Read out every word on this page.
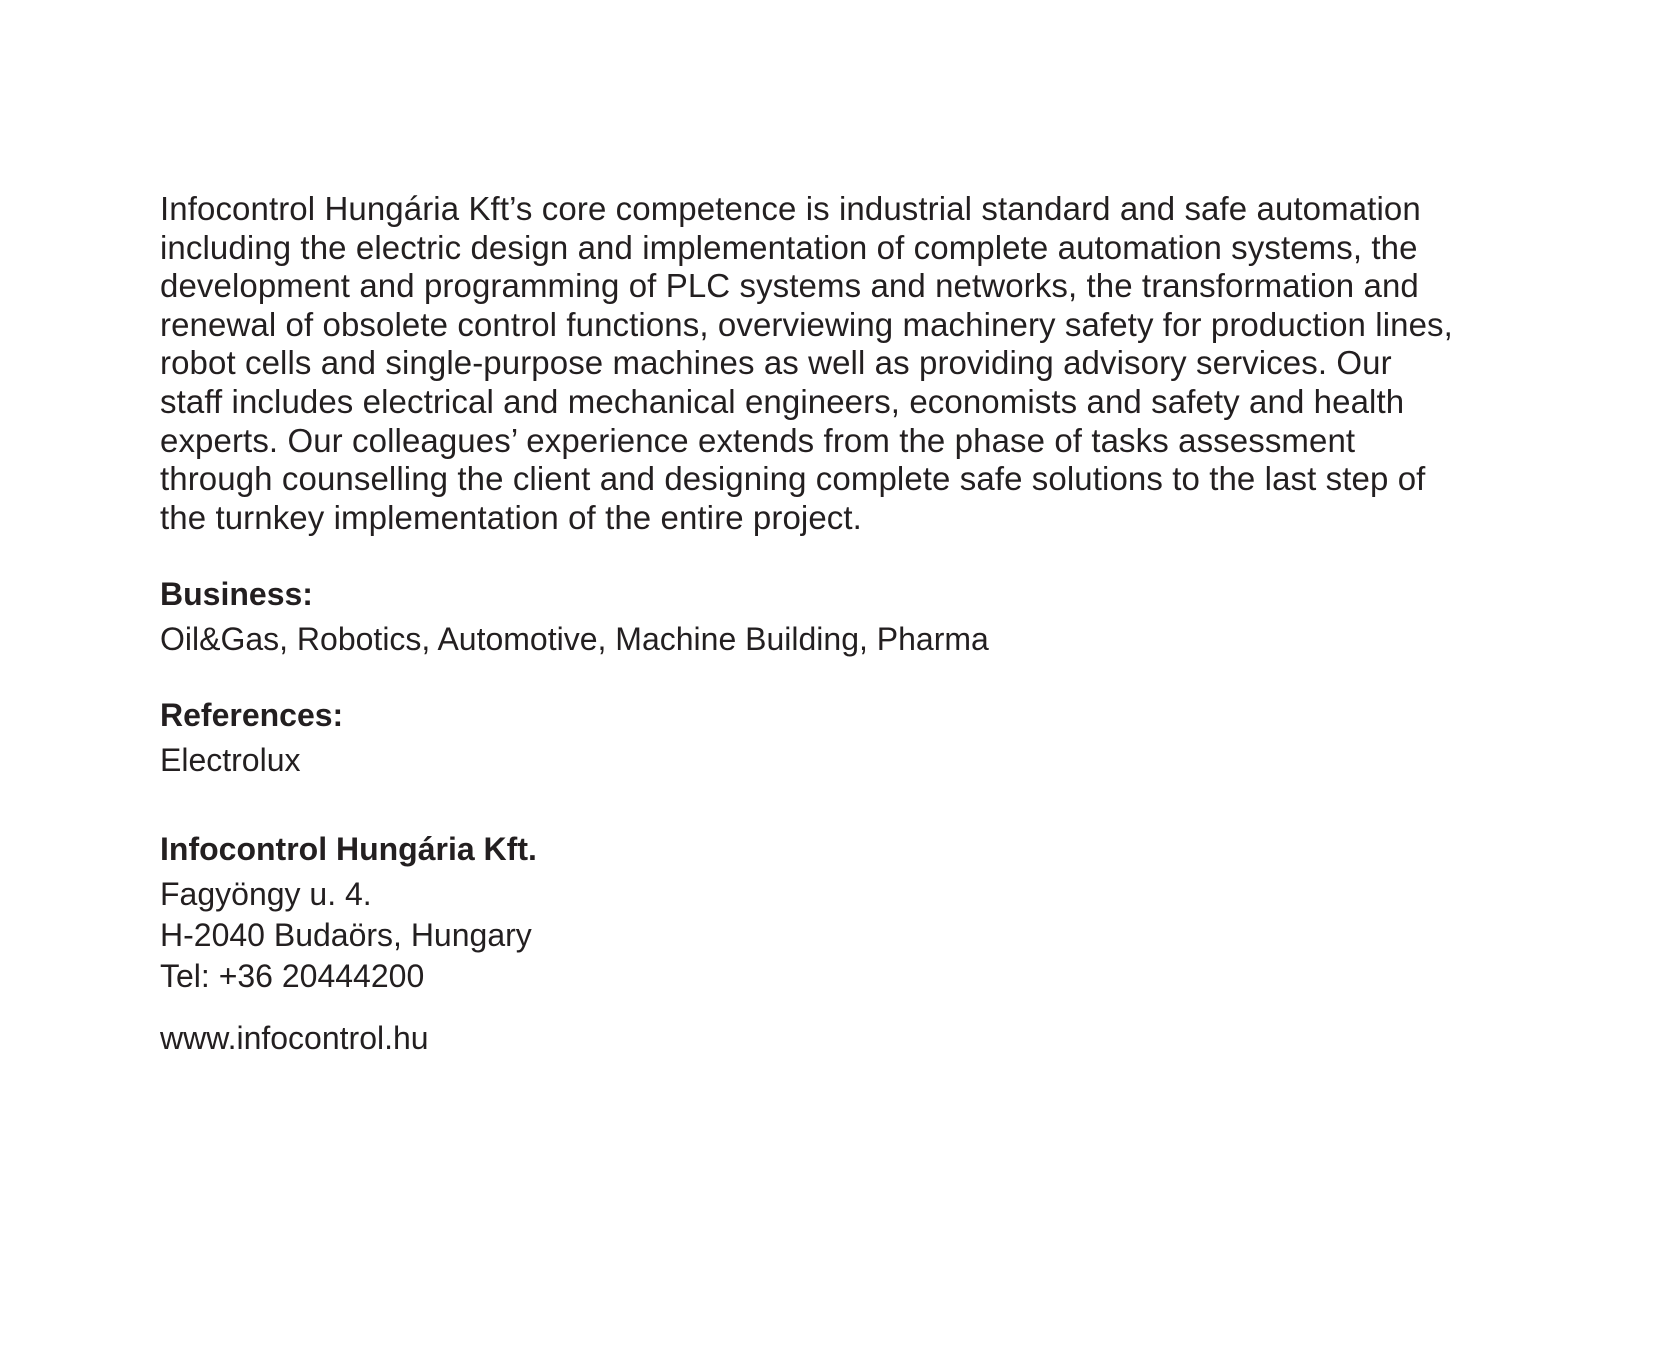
Infocontrol Hungária Kft’s core competence is industrial standard and safe automation including the electric design and implementation of complete automation systems, the development and programming of PLC systems and networks, the transformation and renewal of obsolete control functions, overviewing machinery safety for production lines, robot cells and single-purpose machines as well as providing advisory services. Our staff includes electrical and mechanical engineers, economists and safety and health experts. Our colleagues’ experience extends from the phase of tasks assessment through counselling the client and designing complete safe solutions to the last step of the turnkey implementation of the entire project.

Business:

Oil&Gas, Robotics, Automotive, Machine Building, Pharma

References:

Electrolux

Infocontrol Hungária Kft.

Fagyöngy u. 4.

H-2040 Budaörs, Hungary

Tel: +36 20444200

www.infocontrol.hu
